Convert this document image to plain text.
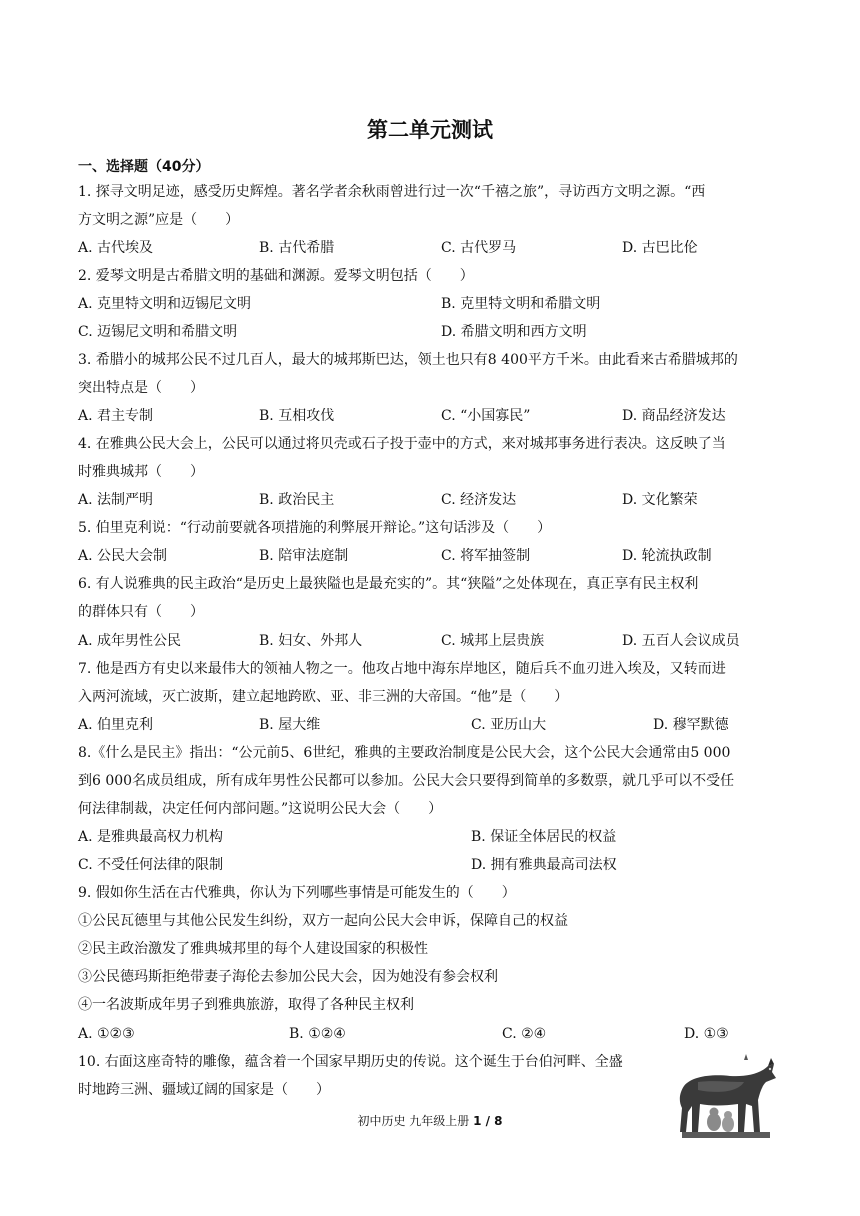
第二单元测试
一、选择题（40分）
1. 探寻文明足迹，感受历史辉煌。著名学者余秋雨曾进行过一次“千禧之旅”，寻访西方文明之源。“西
方文明之源”应是（　　）
A. 古代埃及	B. 古代希腊	C. 古代罗马	D. 古巴比伦
2. 爱琴文明是古希腊文明的基础和渊源。爱琴文明包括（　　）
A. 克里特文明和迈锡尼文明	B. 克里特文明和希腊文明
C. 迈锡尼文明和希腊文明	D. 希腊文明和西方文明
3. 希腊小的城邦公民不过几百人，最大的城邦斯巴达，领土也只有8 400平方千米。由此看来古希腊城邦的
突出特点是（　　）
A. 君主专制	B. 互相攻伐	C. “小国寡民”	D. 商品经济发达
4. 在雅典公民大会上，公民可以通过将贝壳或石子投于壶中的方式，来对城邦事务进行表决。这反映了当
时雅典城邦（　　）
A. 法制严明	B. 政治民主	C. 经济发达	D. 文化繁荣
5. 伯里克利说：“行动前要就各项措施的利弊展开辩论。”这句话涉及（　　）
A. 公民大会制	B. 陪审法庭制	C. 将军抽签制	D. 轮流执政制
6. 有人说雅典的民主政治“是历史上最狭隘也是最充实的”。其“狭隘”之处体现在，真正享有民主权利
的群体只有（　　）
A. 成年男性公民	B. 妇女、外邦人	C. 城邦上层贵族	D. 五百人会议成员
7. 他是西方有史以来最伟大的领袖人物之一。他攻占地中海东岸地区，随后兵不血刃进入埃及，又转而进
入两河流域，灭亡波斯，建立起地跨欧、亚、非三洲的大帝国。“他”是（　　）
A. 伯里克利	B. 屋大维	C. 亚历山大	D. 穆罕默德
8.《什么是民主》指出：“公元前5、6世纪，雅典的主要政治制度是公民大会，这个公民大会通常由5 000
到6 000名成员组成，所有成年男性公民都可以参加。公民大会只要得到简单的多数票，就几乎可以不受任
何法律制裁，决定任何内部问题。”这说明公民大会（　　）
A. 是雅典最高权力机构	B. 保证全体居民的权益
C. 不受任何法律的限制	D. 拥有雅典最高司法权
9. 假如你生活在古代雅典，你认为下列哪些事情是可能发生的（　　）
①公民瓦德里与其他公民发生纠纷，双方一起向公民大会申诉，保障自己的权益
②民主政治激发了雅典城邦里的每个人建设国家的积极性
③公民德玛斯拒绝带妻子海伦去参加公民大会，因为她没有参会权利
④一名波斯成年男子到雅典旅游，取得了各种民主权利
A. ①②③	B. ①②④	C. ②④	D. ①③
10. 右面这座奇特的雕像，蕴含着一个国家早期历史的传说。这个诞生于台伯河畔、全盛
时地跨三洲、疆域辽阔的国家是（　　）
初中历史 九年级上册 1 / 8
